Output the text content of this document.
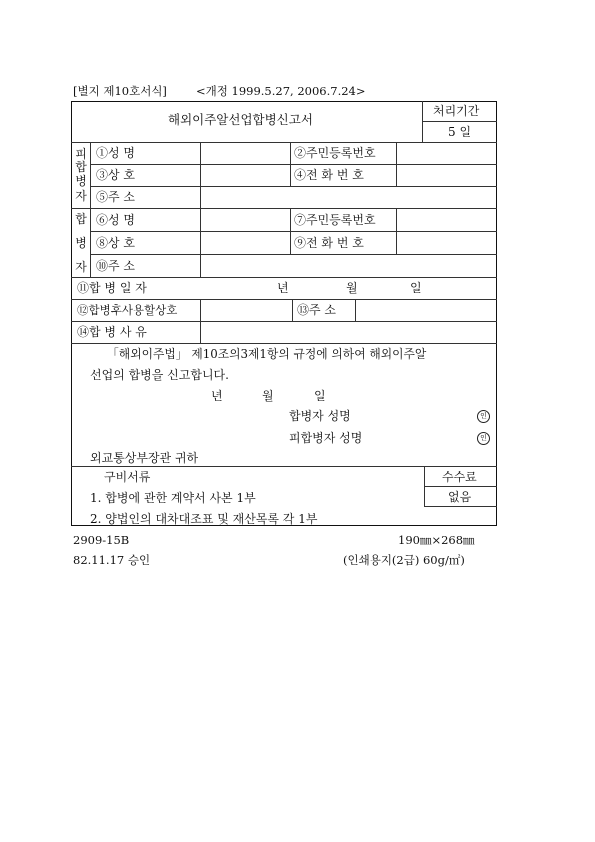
[별지 제10호서식]	<개정 1999.5.27, 2006.7.24>
해외이주알선업합병신고서
처리기간
5 일
피
합
병
자
합
병
자
①성 명	②주민등록번호
③상 호	④전 화 번 호
⑤주 소
⑥성 명	⑦주민등록번호
⑧상 호	⑨전 화 번 호
⑩주 소
⑪합 병 일 자	년	월	일
⑫합병후사용할상호	⑬주 소
⑭합 병 사 유
「해외이주법」 제10조의3제1항의 규정에 의하여 해외이주알
선업의 합병을 신고합니다.
년	월	일
합병자 성명	인
피합병자 성명	인
외교통상부장관 귀하
구비서류
1. 합병에 관한 계약서 사본 1부
2. 양법인의 대차대조표 및 재산목록 각 1부
수수료
없음
2909-15B	190㎜×268㎜
82.11.17 승인	(인쇄용지(2급) 60g/㎡)
